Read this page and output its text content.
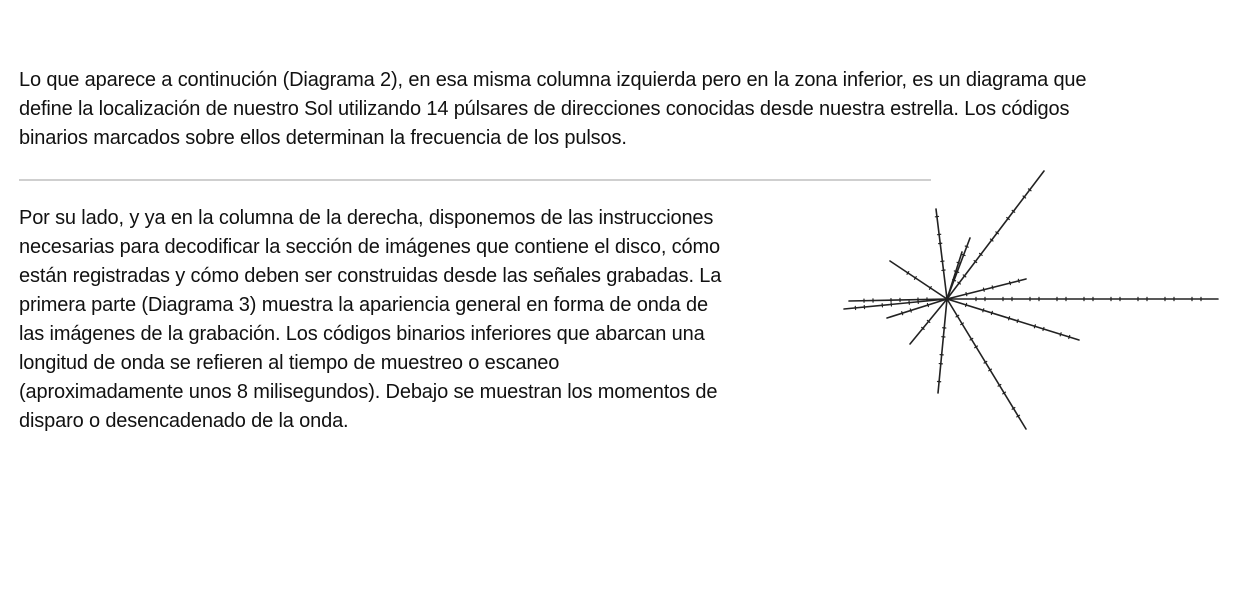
Lo que aparece a continución (Diagrama 2), en esa misma columna izquierda pero en la zona inferior, es un diagrama que
define la localización de nuestro Sol utilizando 14 púlsares de direcciones conocidas desde nuestra estrella. Los códigos
binarios marcados sobre ellos determinan la frecuencia de los pulsos.

Por su lado, y ya en la columna de la derecha, disponemos de las instrucciones
necesarias para decodificar la sección de imágenes que contiene el disco, cómo
están registradas y cómo deben ser construidas desde las señales grabadas. La
primera parte (Diagrama 3) muestra la apariencia general en forma de onda de
las imágenes de la grabación. Los códigos binarios inferiores que abarcan una
longitud de onda se refieren al tiempo de muestreo o escaneo
(aproximadamente unos 8 milisegundos). Debajo se muestran los momentos de
disparo o desencadenado de la onda.
